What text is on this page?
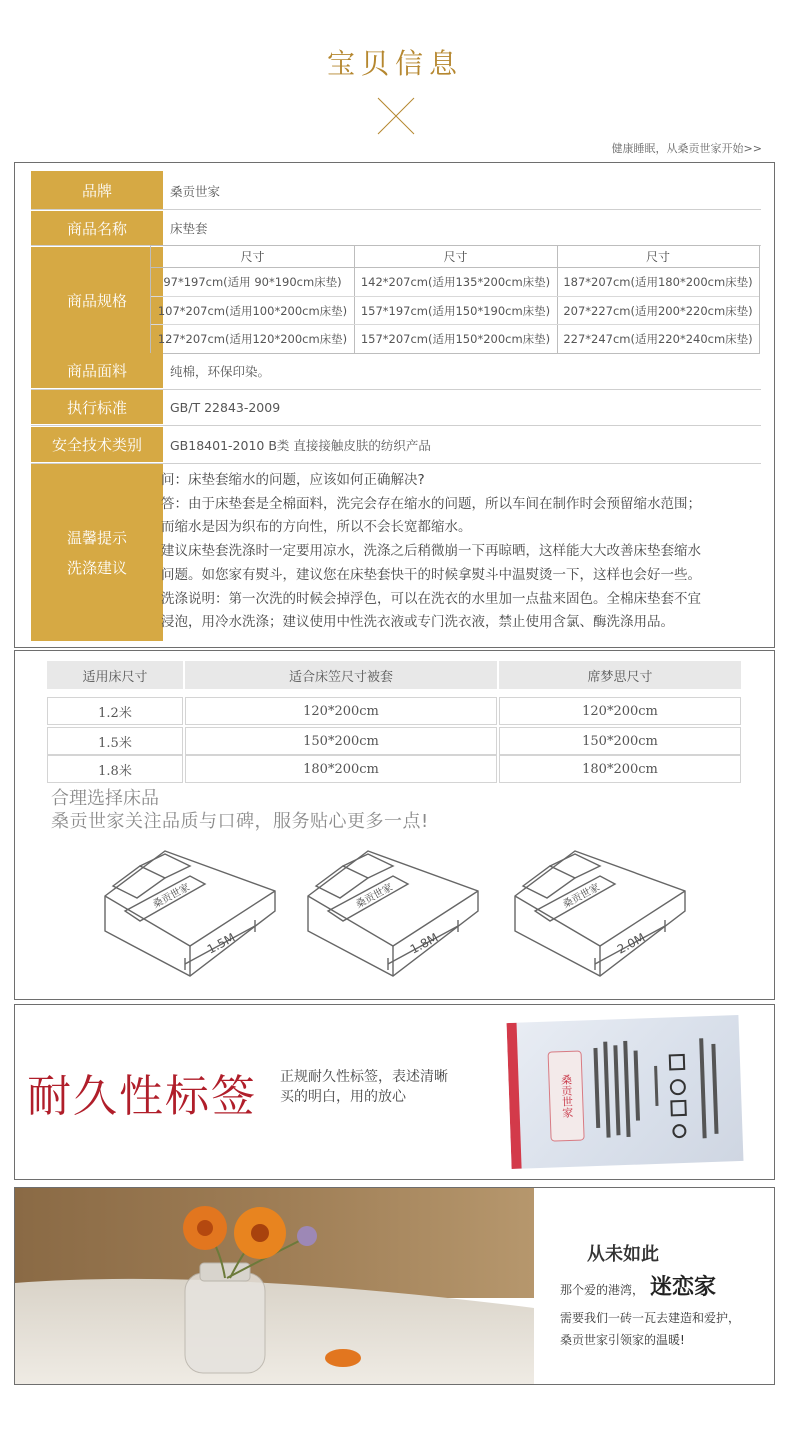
宝贝信息
健康睡眠，从桑贡世家开始>>
品牌	桑贡世家
商品名称	床垫套
商品规格
尺寸	尺寸	尺寸
97*197cm(适用 90*190cm床垫)	142*207cm(适用135*200cm床垫)	187*207cm(适用180*200cm床垫)
107*207cm(适用100*200cm床垫)	157*197cm(适用150*190cm床垫)	207*227cm(适用200*220cm床垫)
127*207cm(适用120*200cm床垫)	157*207cm(适用150*200cm床垫)	227*247cm(适用220*240cm床垫)
商品面料	纯棉，环保印染。
执行标准	GB/T 22843-2009
安全技术类别	GB18401-2010 B类 直接接触皮肤的纺织产品
温馨提示
洗涤建议

问：床垫套缩水的问题，应该如何正确解决?

答：由于床垫套是全棉面料，洗完会存在缩水的问题，所以车间在制作时会预留缩水范围；

而缩水是因为织布的方向性，所以不会长宽都缩水。

建议床垫套洗涤时一定要用凉水，洗涤之后稍微崩一下再晾晒，这样能大大改善床垫套缩水

问题。如您家有熨斗，建议您在床垫套快干的时候拿熨斗中温熨烫一下，这样也会好一些。

洗涤说明：第一次洗的时候会掉浮色，可以在洗衣的水里加一点盐来固色。全棉床垫套不宜

浸泡，用冷水洗涤；建议使用中性洗衣液或专门洗衣液，禁止使用含氯、酶洗涤用品。

适用床尺寸	适合床笠尺寸被套	席梦思尺寸
1.2米	120*200cm	120*200cm
1.5米	150*200cm	150*200cm
1.8米	180*200cm	180*200cm
合理选择床品
桑贡世家关注品质与口碑，服务贴心更多一点!
桑贡世家
1.5M
桑贡世家
1.8M
桑贡世家
2.0M
耐久性标签 正规耐久性标签，表述清晰
买的明白，用的放心	桑贡世家
从未如此
那个爱的港湾， 迷恋家
需要我们一砖一瓦去建造和爱护，
桑贡世家引领家的温暖!
